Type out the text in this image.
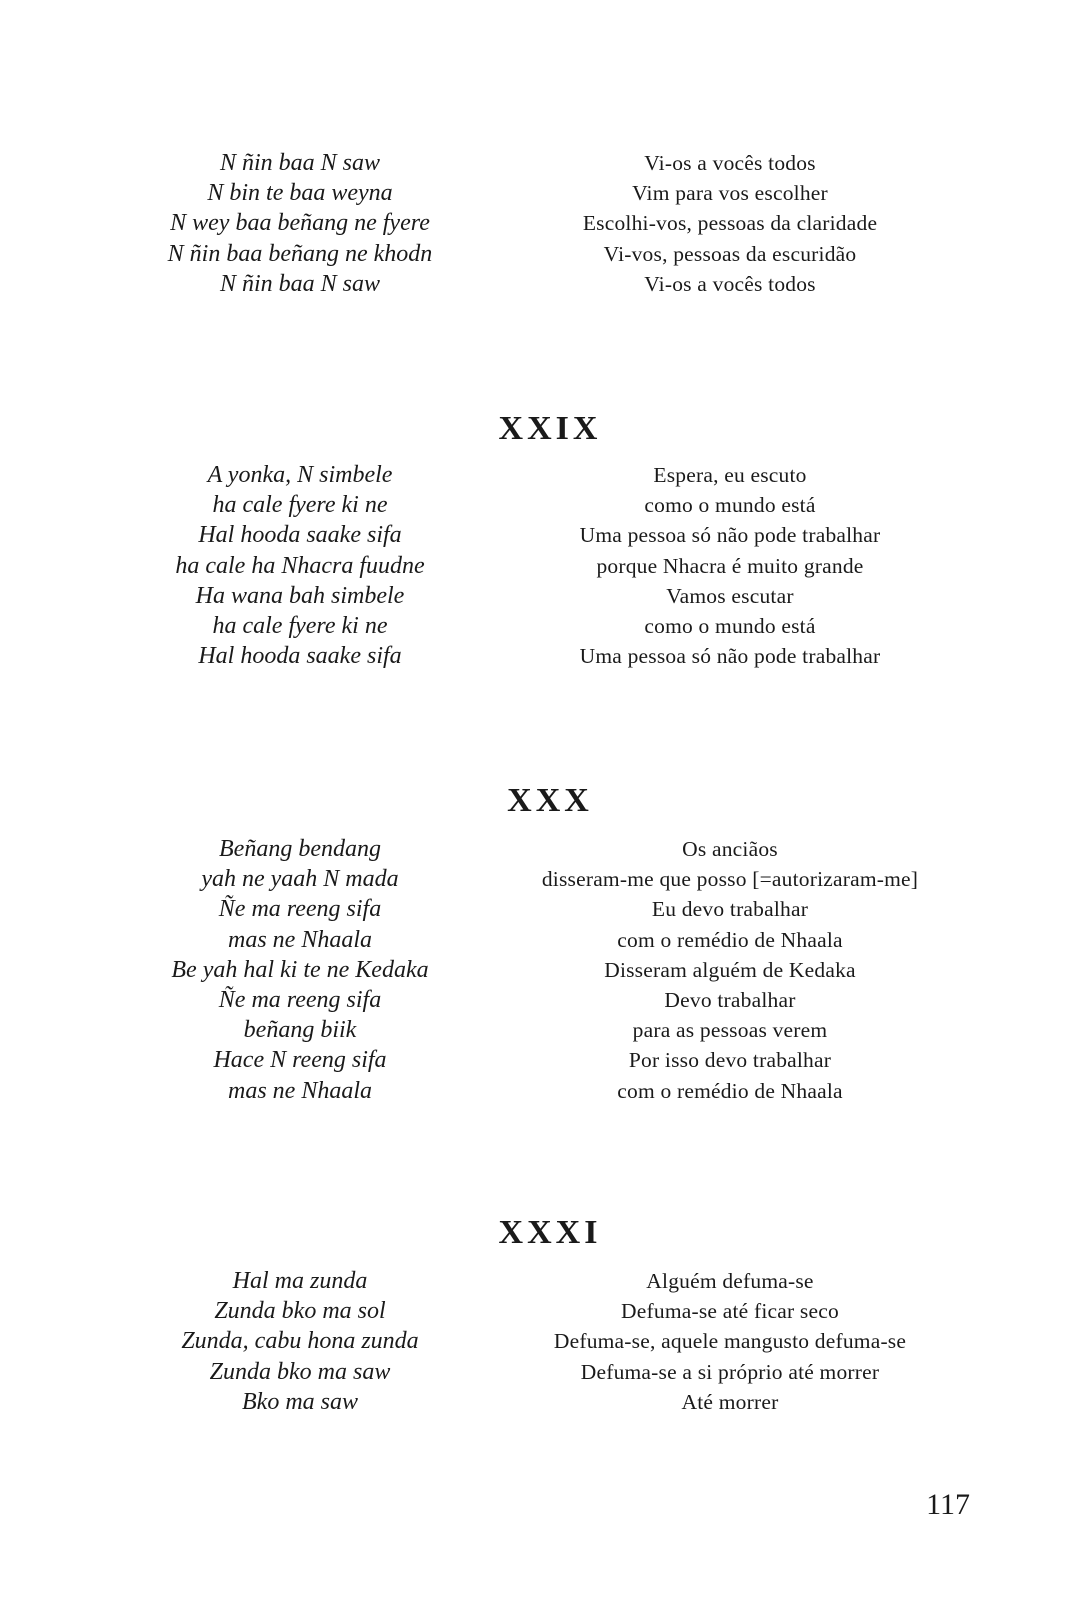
N ñin baa N saw
N bin te baa weyna
N wey baa beñang ne fyere
N ñin baa beñang ne khodn
N ñin baa N saw
Vi-os a vocês todos
Vim para vos escolher
Escolhi-vos, pessoas da claridade
Vi-vos, pessoas da escuridão
Vi-os a vocês todos
XXIX
A yonka, N simbele
ha cale fyere ki ne
Hal hooda saake sifa
ha cale ha Nhacra fuudne
Ha wana bah simbele
ha cale fyere ki ne
Hal hooda saake sifa
Espera, eu escuto
como o mundo está
Uma pessoa só não pode trabalhar
porque Nhacra é muito grande
Vamos escutar
como o mundo está
Uma pessoa só não pode trabalhar
XXX
Beñang bendang
yah ne yaah N mada
Ñe ma reeng sifa
mas ne Nhaala
Be yah hal ki te ne Kedaka
Ñe ma reeng sifa
beñang biik
Hace N reeng sifa
mas ne Nhaala
Os anciãos
disseram-me que posso [=autorizaram-me]
Eu devo trabalhar
com o remédio de Nhaala
Disseram alguém de Kedaka
Devo trabalhar
para as pessoas verem
Por isso devo trabalhar
com o remédio de Nhaala
XXXI
Hal ma zunda
Zunda bko ma sol
Zunda, cabu hona zunda
Zunda bko ma saw
Bko ma saw
Alguém defuma-se
Defuma-se até ficar seco
Defuma-se, aquele mangusto defuma-se
Defuma-se a si próprio até morrer
Até morrer
117
